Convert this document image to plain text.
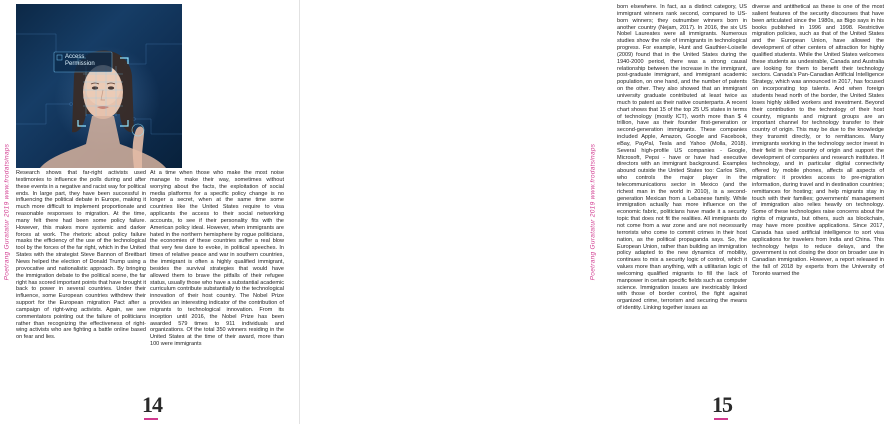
Poetrang Guratatur 2019 www.frodatsinaps
Access
Permission
Research shows that far-right activists used testimonies to influence the polls during and after these events in a negative and racist way for political ends. In large part, they have been successful in influencing the political debate in Europe, making it much more difficult to implement proportionate and reasonable responses to migration. At the time, many felt there had been some policy failure. However, this makes more systemic and darker forces at work. The rhetoric about policy failure masks the efficiency of the use of the technological tool by the forces of the far right, which in the United States with the strategist Steve Bannon of Breitbart News helped the election of Donald Trump using a provocative and nationalistic approach. By bringing the immigration debate to the political scene, the far right has scored important points that have brought it back to power in several countries. Under their influence, some European countries withdrew their support for the European migration Pact after a campaign of right-wing activists. Again, we see commentators pointing out the failure of politicians rather than recognizing the effectiveness of right-wing activists who are fighting a battle online based on fear and lies.
At a time when those who make the most noise manage to make their way, sometimes without worrying about the facts, the exploitation of social media platforms for a specific policy change is no longer a secret, when at the same time some countries like the United States require to visa applicants the access to their social networking accounts, to see if their personality fits with the American policy ideal. However, when immigrants are hated in the northern hemisphere by rogue politicians, the economies of these countries suffer a real blow that very few dare to evoke, in political speeches. In times of relative peace and war in southern countries, the immigrant is often a highly qualified immigrant, besides the survival strategies that would have allowed them to brave the pitfalls of their refugee status, usually those who have a substantial academic curriculum contribute substantially to the technological innovation of their host country. The Nobel Prize provides an interesting indicator of the contribution of migrants to technological innovation. From its inception until 2016, the Nobel Prize has been awarded 579 times to 911 individuals and organizations. Of the total 350 winners residing in the United States at the time of their award, more than 100 were immigrants
14
born elsewhere. In fact, as a distinct category, US immigrant winners rank second, compared to US-born winners; they outnumber winners born in another country (Nejam, 2017). In 2016, the six US Nobel Laureates were all immigrants. Numerous studies show the role of immigrants in technological progress. For example, Hunt and Gauthier-Loiselle (2009) found that in the United States during the 1940-2000 period, there was a strong causal relationship between the increase in the immigrant, post-graduate immigrant, and immigrant academic population, on one hand, and the number of patents on the other. They also showed that an immigrant university graduate contributed at least twice as much to patent as their native counterparts. A recent chart shows that 15 of the top 25 US states in terms of technology (mostly ICT), worth more than $ 4 trillion, have as their founder first-generation or second-generation immigrants. These companies included Apple, Amazon, Google and Facebook, eBay, PayPal, Tesla and Yahoo (Molla, 2018). Several high-profile US companies - Google, Microsoft, Pepsi - have or have had executive directors with an immigrant background. Examples abound outside the United States too: Carlos Slim, who controls the major player in the telecommunications sector in Mexico (and the richest man in the world in 2010), is a second-generation Mexican from a Lebanese family. While immigration actually has more influence on the economic fabric, politicians have made it a security topic that does not fit the realities. All immigrants do not come from a war zone and are not necessarily terrorists who come to commit crimes in their host nation, as the political propaganda says. So, the European Union, rather than building an immigration policy adapted to the new dynamics of mobility, continues to mix a security logic of control, which it values more than anything, with a utilitarian logic of welcoming qualified migrants to fill the lack of manpower in certain specific fields such as computer science. Immigration issues are inextricably linked with those of border control, the fight against organized crime, terrorism and securing the means of identity. Linking together issues as
diverse and antithetical as these is one of the most salient features of the security discourses that have been articulated since the 1980s, as Bigo says in his books published in 1996 and 1998. Restrictive migration policies, such as that of the United States and the European Union, have allowed the development of other centers of attraction for highly qualified students. While the United States welcomes these students as undesirable, Canada and Australia are looking for them to benefit their technology sectors. Canada's Pan-Canadian Artificial Intelligence Strategy, which was announced in 2017, has focused on incorporating top talents. And when foreign students head north of the border, the United States loses highly skilled workers and investment. Beyond their contribution to the technology of their host country, migrants and migrant groups are an important channel for technology transfer to their country of origin. This may be due to the knowledge they transmit directly, or to remittances. Many immigrants working in the technology sector invest in their field in their country of origin and support the development of companies and research institutes. If technology, and in particular digital connectivity offered by mobile phones, affects all aspects of migration: it provides access to pre-migration information, during travel and in destination countries; remittances for hosting; and help migrants stay in touch with their families; governments' management of immigration also relies heavily on technology. Some of these technologies raise concerns about the rights of migrants, but others, such as blockchain, may have more positive applications. Since 2017, Canada has used artificial intelligence to sort visa applications for travelers from India and China. This technology helps to reduce delays, and the government is not closing the door on broader use in Canadian immigration. However, a report released in the fall of 2018 by experts from the University of Toronto warned the
15
Poetrang Guratatur 2019 www.frodatsinaps
